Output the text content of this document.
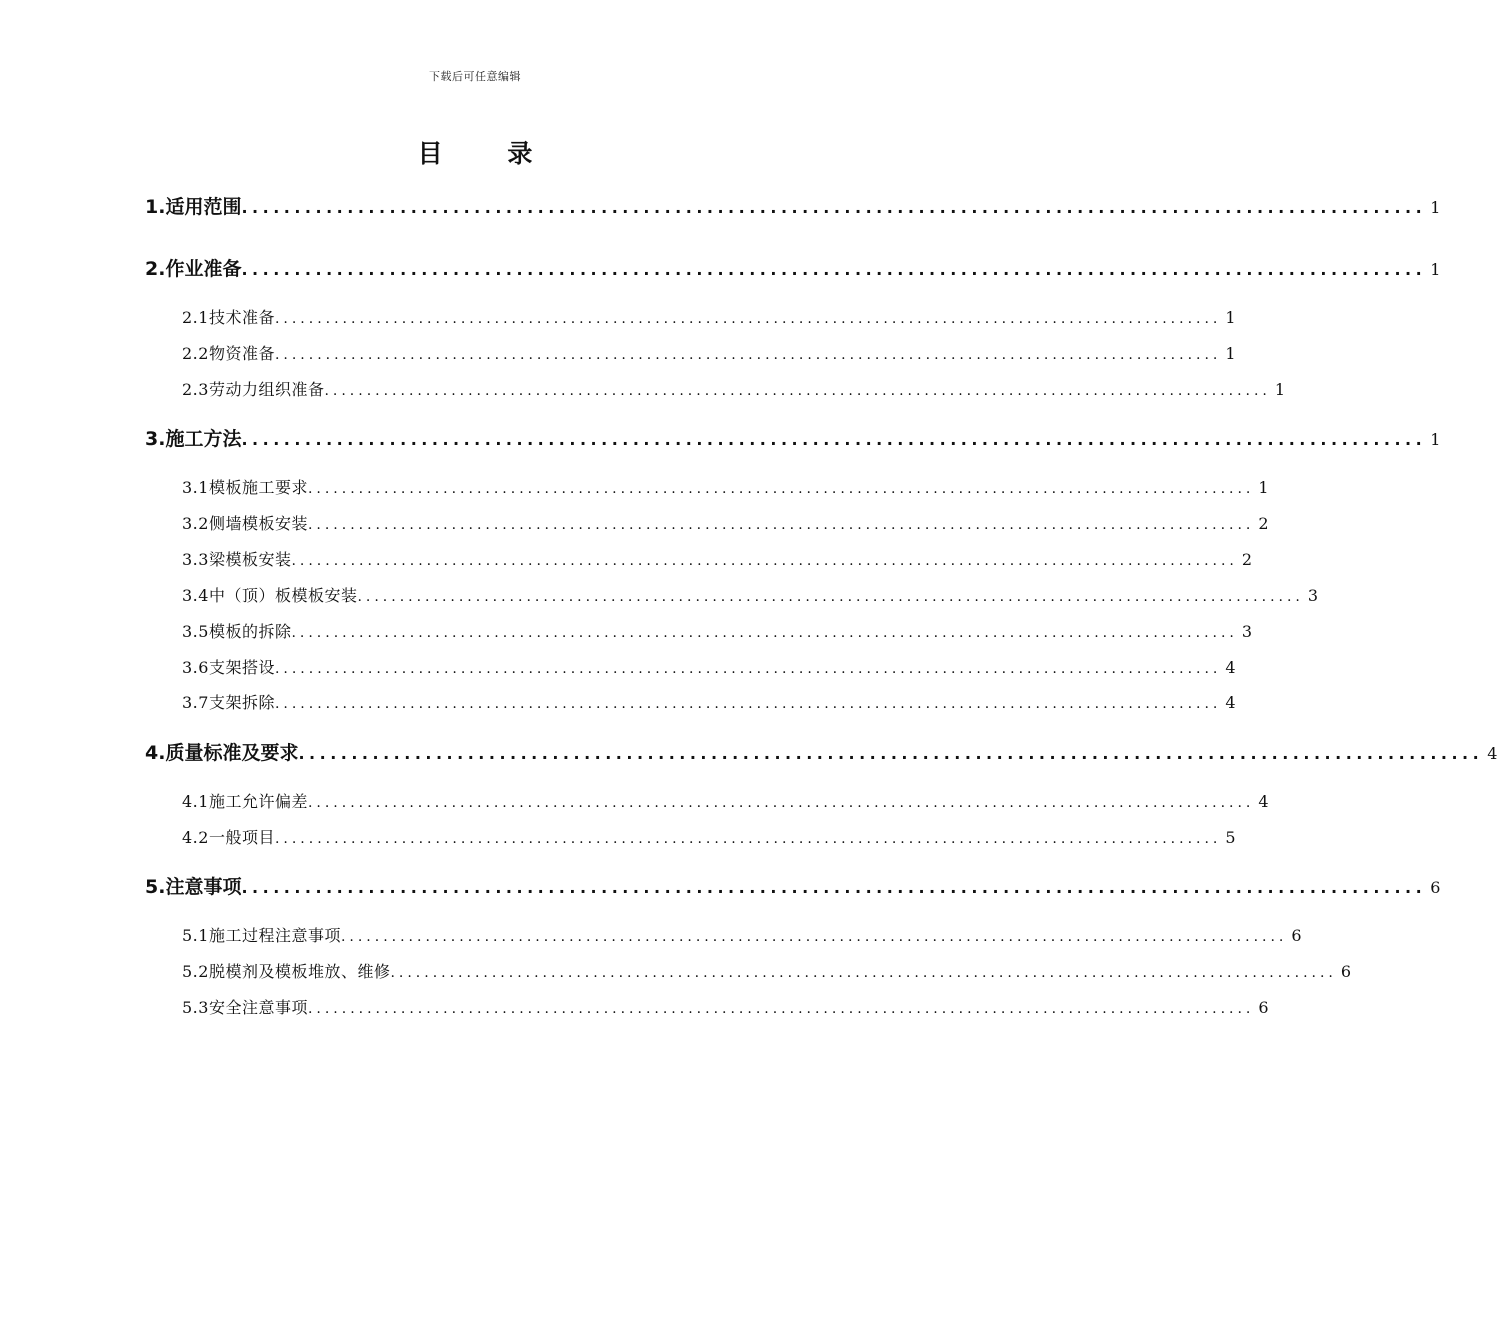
下载后可任意编辑
目 录
1.适用范围 ................................................................................................................ 1
2.作业准备 ................................................................................................................ 1
2.1技术准备 ................................................................................................................ 1
2.2物资准备 ................................................................................................................ 1
2.3劳动力组织准备 ................................................................................................................ 1
3.施工方法 ................................................................................................................ 1
3.1模板施工要求 ................................................................................................................ 1
3.2侧墙模板安装 ................................................................................................................ 2
3.3梁模板安装 ................................................................................................................ 2
3.4中（顶）板模板安装 ................................................................................................................ 3
3.5模板的拆除 ................................................................................................................ 3
3.6支架搭设 ................................................................................................................ 4
3.7支架拆除 ................................................................................................................ 4
4.质量标准及要求 ................................................................................................................ 4
4.1施工允许偏差 ................................................................................................................ 4
4.2一般项目 ................................................................................................................ 5
5.注意事项 ................................................................................................................ 6
5.1施工过程注意事项 ................................................................................................................ 6
5.2脱模剂及模板堆放、维修 ................................................................................................................ 6
5.3安全注意事项 ................................................................................................................ 6
